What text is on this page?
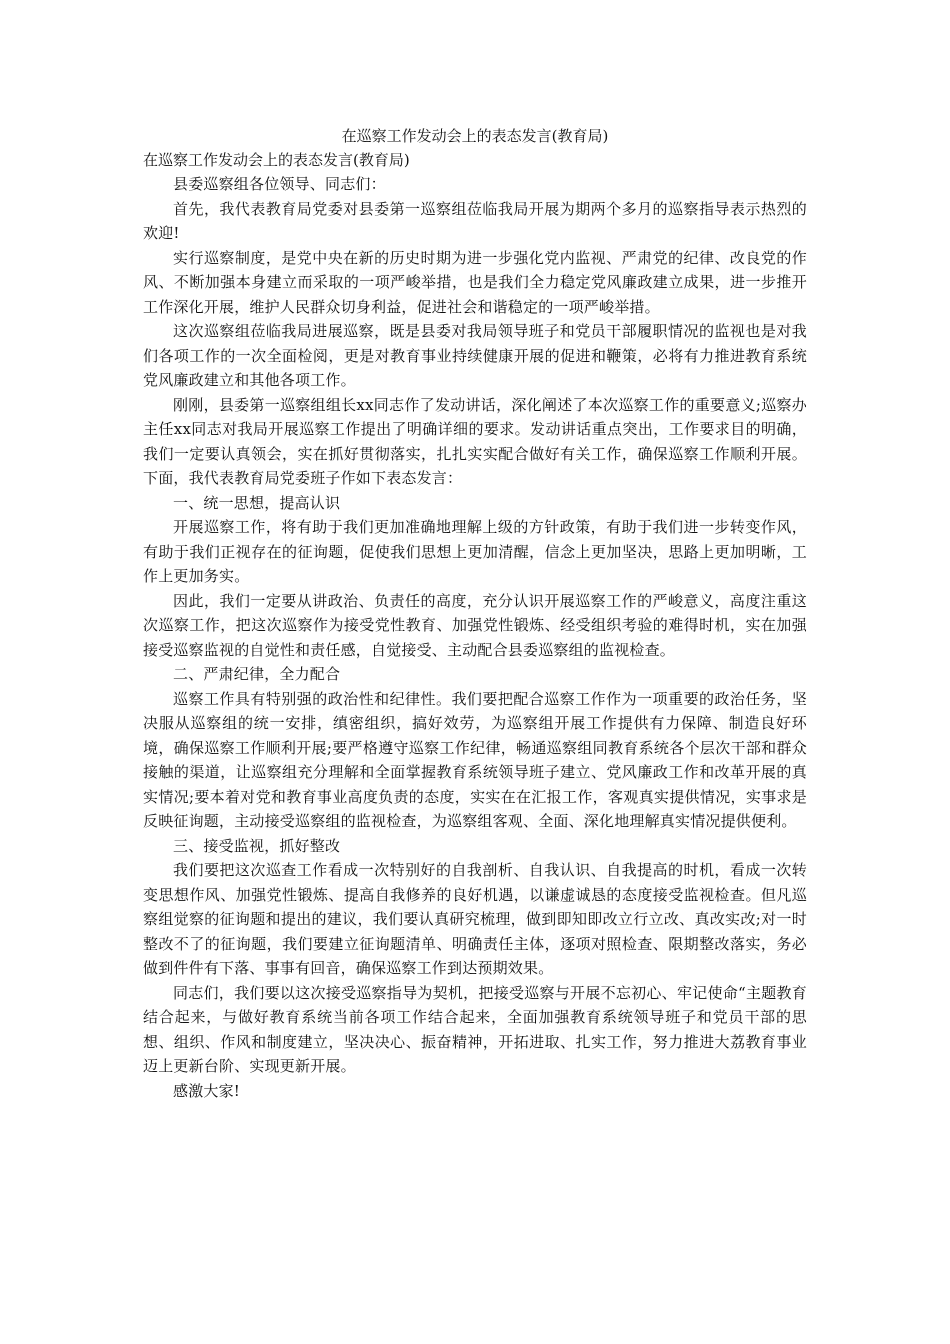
在巡察工作发动会上的表态发言(教育局)

在巡察工作发动会上的表态发言(教育局)

县委巡察组各位领导、同志们：

首先，我代表教育局党委对县委第一巡察组莅临我局开展为期两个多月的巡察指导表示热烈的欢迎!

实行巡察制度，是党中央在新的历史时期为进一步强化党内监视、严肃党的纪律、改良党的作风、不断加强本身建立而采取的一项严峻举措，也是我们全力稳定党风廉政建立成果，进一步推开工作深化开展，维护人民群众切身利益，促进社会和谐稳定的一项严峻举措。

这次巡察组莅临我局进展巡察，既是县委对我局领导班子和党员干部履职情况的监视也是对我们各项工作的一次全面检阅，更是对教育事业持续健康开展的促进和鞭策，必将有力推进教育系统党风廉政建立和其他各项工作。

刚刚，县委第一巡察组组长xx同志作了发动讲话，深化阐述了本次巡察工作的重要意义;巡察办主任xx同志对我局开展巡察工作提出了明确详细的要求。发动讲话重点突出，工作要求目的明确，我们一定要认真领会，实在抓好贯彻落实，扎扎实实配合做好有关工作，确保巡察工作顺利开展。下面，我代表教育局党委班子作如下表态发言：

一、统一思想，提高认识

开展巡察工作，将有助于我们更加准确地理解上级的方针政策，有助于我们进一步转变作风，有助于我们正视存在的征询题，促使我们思想上更加清醒，信念上更加坚决，思路上更加明晰，工作上更加务实。

因此，我们一定要从讲政治、负责任的高度，充分认识开展巡察工作的严峻意义，高度注重这次巡察工作，把这次巡察作为接受党性教育、加强党性锻炼、经受组织考验的难得时机，实在加强接受巡察监视的自觉性和责任感，自觉接受、主动配合县委巡察组的监视检查。

二、严肃纪律，全力配合

巡察工作具有特别强的政治性和纪律性。我们要把配合巡察工作作为一项重要的政治任务，坚决服从巡察组的统一安排，缜密组织，搞好效劳，为巡察组开展工作提供有力保障、制造良好环境，确保巡察工作顺利开展;要严格遵守巡察工作纪律，畅通巡察组同教育系统各个层次干部和群众接触的渠道，让巡察组充分理解和全面掌握教育系统领导班子建立、党风廉政工作和改革开展的真实情况;要本着对党和教育事业高度负责的态度，实实在在汇报工作，客观真实提供情况，实事求是反映征询题，主动接受巡察组的监视检查，为巡察组客观、全面、深化地理解真实情况提供便利。

三、接受监视，抓好整改

我们要把这次巡查工作看成一次特别好的自我剖析、自我认识、自我提高的时机，看成一次转变思想作风、加强党性锻炼、提高自我修养的良好机遇，以谦虚诚恳的态度接受监视检查。但凡巡察组觉察的征询题和提出的建议，我们要认真研究梳理，做到即知即改立行立改、真改实改;对一时整改不了的征询题，我们要建立征询题清单、明确责任主体，逐项对照检查、限期整改落实，务必做到件件有下落、事事有回音，确保巡察工作到达预期效果。

同志们，我们要以这次接受巡察指导为契机，把接受巡察与开展不忘初心、牢记使命“主题教育结合起来，与做好教育系统当前各项工作结合起来，全面加强教育系统领导班子和党员干部的思想、组织、作风和制度建立，坚决决心、振奋精神，开拓进取、扎实工作，努力推进大荔教育事业迈上更新台阶、实现更新开展。

感激大家!
